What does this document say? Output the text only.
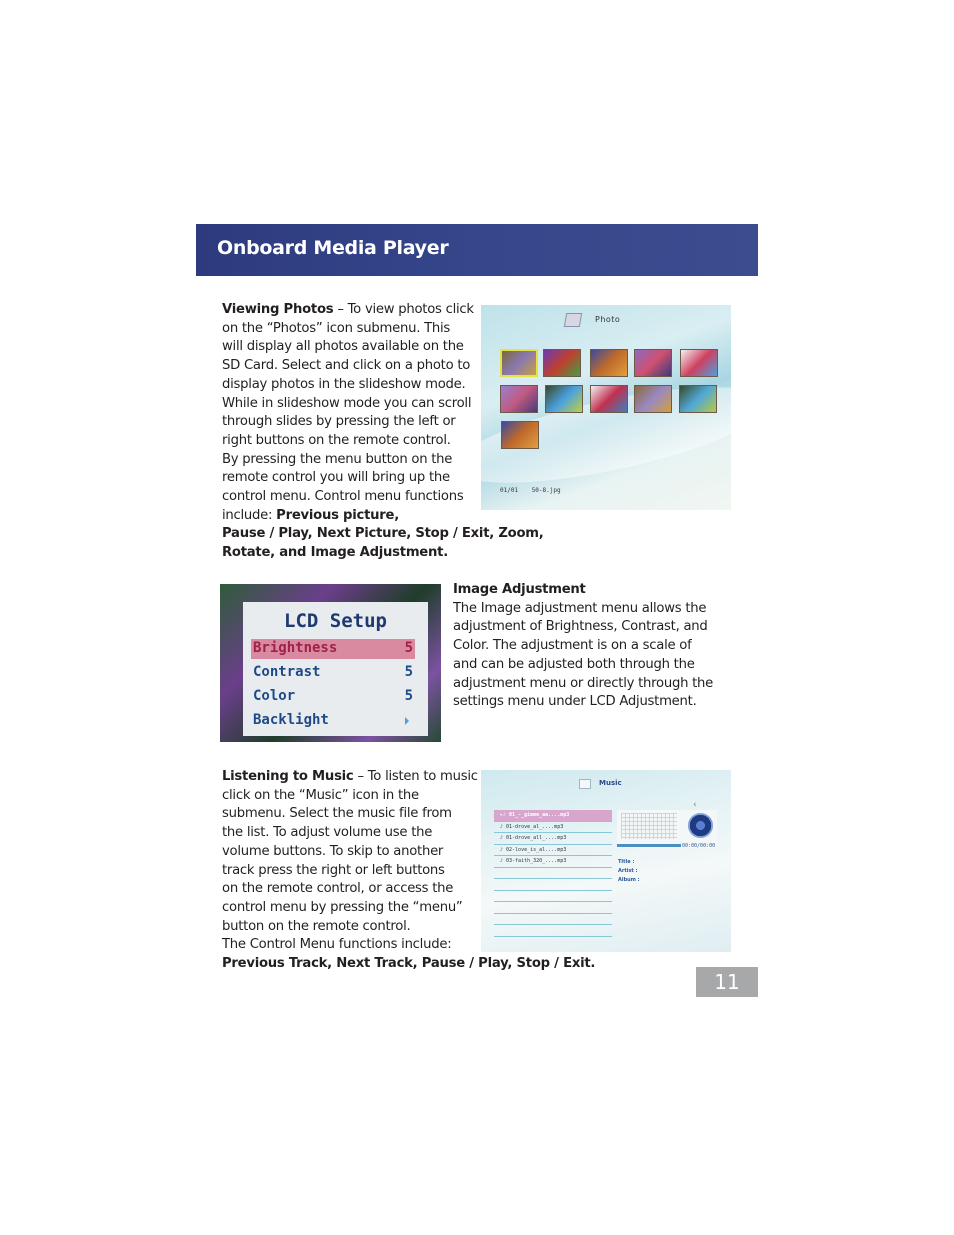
Onboard Media Player
Viewing Photos – To view photos click
on the “Photos” icon submenu. This
will display all photos available on the
SD Card. Select and click on a photo to
display photos in the slideshow mode.
While in slideshow mode you can scroll
through slides by pressing the left or
right buttons on the remote control.
By pressing the menu button on the
remote control you will bring up the
control menu. Control menu functions
include: Previous picture,
Pause / Play, Next Picture, Stop / Exit, Zoom,
Rotate, and Image Adjustment.
Photo
01/01 50-8.jpg
LCD Setup
Brightness	5
Contrast	5
Color	5
Backlight
Image Adjustment
The Image adjustment menu allows the
adjustment of Brightness, Contrast, and
Color. The adjustment is on a scale of
and can be adjusted both through the
adjustment menu or directly through the
settings menu under LCD Adjustment.
Listening to Music – To listen to music
click on the “Music” icon in the
submenu. Select the music file from
the list. To adjust volume use the
volume buttons. To skip to another
track press the right or left buttons
on the remote control, or access the
control menu by pressing the “menu”
button on the remote control.
The Control Menu functions include:
Previous Track, Next Track, Pause / Play, Stop / Exit.
Music
‹
▸♪ 01_-_gimme_aa....mp3
♪ 01-drove_al_....mp3
♪ 01-drove_all_....mp3
♪ 02-love_is_al....mp3
♪ 03-faith_320_....mp3
00:00/00:00
Title :
Artist :
Album :
11
